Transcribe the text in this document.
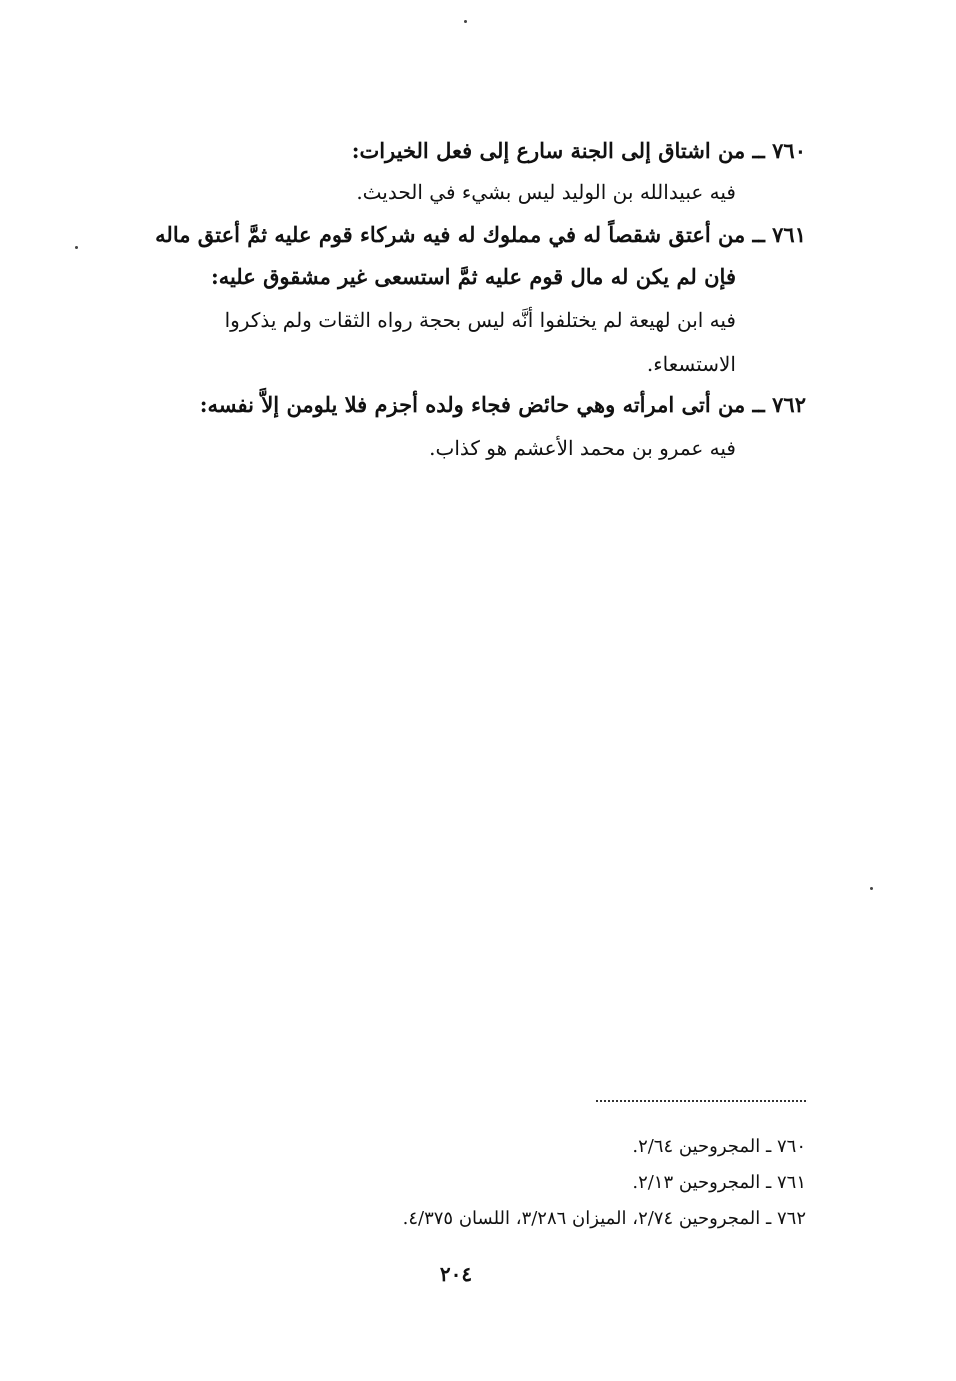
٧٦٠ ــ من اشتاق إلى الجنة سارع إلى فعل الخيرات:
فيه عبيدالله بن الوليد ليس بشيء في الحديث.
٧٦١ ــ من أعتق شقصاً له في مملوك له فيه شركاء قوم عليه ثمَّ أعتق ماله
فإن لم يكن له مال قوم عليه ثمَّ استسعى غير مشقوق عليه:
فيه ابن لهيعة لم يختلفوا أنَّه ليس بحجة رواه الثقات ولم يذكروا
الاستسعاء.
٧٦٢ ــ من أتى امرأته وهي حائض فجاء ولده أجزم فلا يلومن إلاَّ نفسه:
فيه عمرو بن محمد الأعشم هو كذاب.
٧٦٠ ـ المجروحين ٢/٦٤.
٧٦١ ـ المجروحين ٢/١٣.
٧٦٢ ـ المجروحين ٢/٧٤، الميزان ٣/٢٨٦، اللسان ٤/٣٧٥.
٢٠٤
